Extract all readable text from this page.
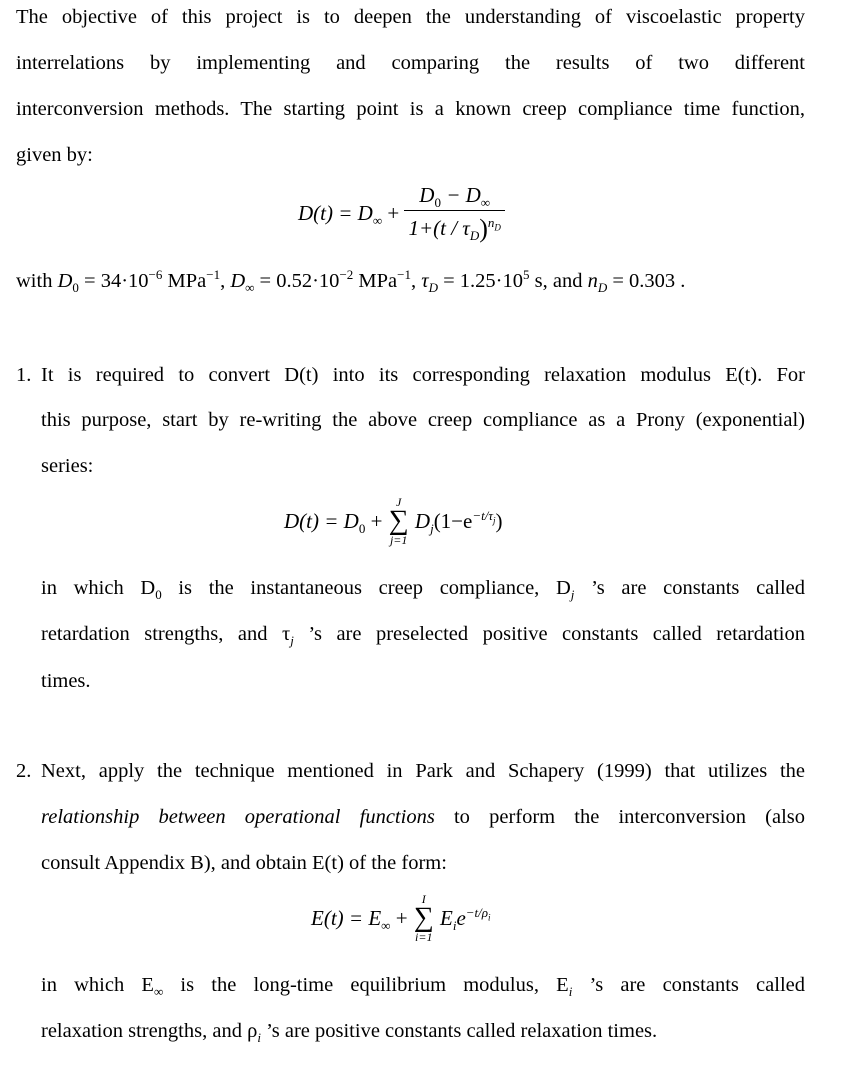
The objective of this project is to deepen the understanding of viscoelastic property
interrelations by implementing and comparing the results of two different
interconversion methods. The starting point is a known creep compliance time function,
given by:
$D(t) = D_\infty + \frac{D_0 - D_\infty}{1+(t / \tau_D)^{n_D}}$
with $D_0 = 34\cdot 10^{-6}$ MPa$^{-1}$, $D_\infty = 0.52\cdot 10^{-2}$ MPa$^{-1}$, $\tau_D = 1.25\cdot 10^5$ s, and $n_D = 0.303$ .
1. It is required to convert D(t) into its corresponding relaxation modulus E(t). For
this purpose, start by re-writing the above creep compliance as a Prony (exponential)
series:
$D(t) = D_0$ +
J
∑
j=1
$D_j(1-e^{-t/\tau_j})$
in which $D_0$ is the instantaneous creep compliance, $D_j$ ’s are constants called
retardation strengths, and $\tau_j$ ’s are preselected positive constants called retardation
times.
2. Next, apply the technique mentioned in Park and Schapery (1999) that utilizes the
relationship between operational functions to perform the interconversion (also
consult Appendix B), and obtain E(t) of the form:
$E(t) = E_\infty$ +
I
∑
i=1
$E_ie^{-t/\rho_i}$
in which $E_\infty$ is the long-time equilibrium modulus, $E_i$ ’s are constants called
relaxation strengths, and $\rho_i$ ’s are positive constants called relaxation times.
